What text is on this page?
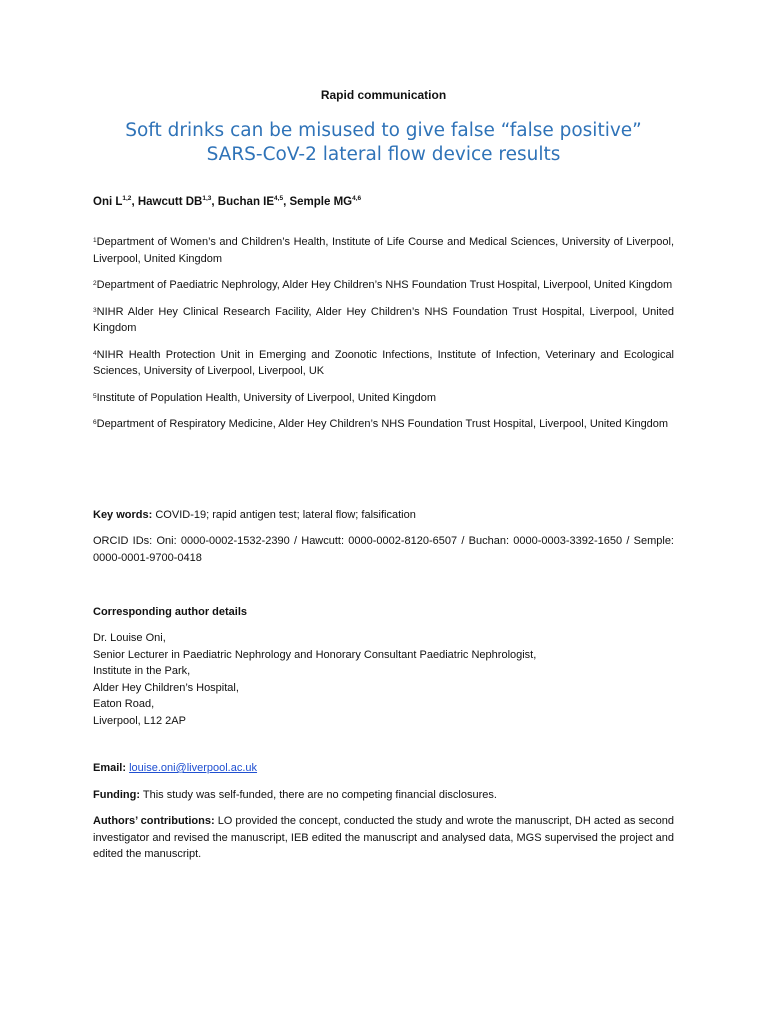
Rapid communication
Soft drinks can be misused to give false “false positive”
SARS-CoV-2 lateral flow device results
Oni L$^{1,2}$, Hawcutt DB$^{1,3}$, Buchan IE$^{4,5}$, Semple MG$^{4,6}$

$^1$Department of Women’s and Children’s Health, Institute of Life Course and Medical Sciences, University of Liverpool, Liverpool, United Kingdom

$^2$Department of Paediatric Nephrology, Alder Hey Children’s NHS Foundation Trust Hospital, Liverpool, United Kingdom

$^3$NIHR Alder Hey Clinical Research Facility, Alder Hey Children’s NHS Foundation Trust Hospital, Liverpool, United Kingdom

$^4$NIHR Health Protection Unit in Emerging and Zoonotic Infections, Institute of Infection, Veterinary and Ecological Sciences, University of Liverpool, Liverpool, UK

$^5$Institute of Population Health, University of Liverpool, United Kingdom

$^6$Department of Respiratory Medicine, Alder Hey Children’s NHS Foundation Trust Hospital, Liverpool, United Kingdom

Key words: COVID-19; rapid antigen test; lateral flow; falsification
ORCID IDs: Oni: 0000-0002-1532-2390 / Hawcutt: 0000-0002-8120-6507 / Buchan: 0000-0003-3392-1650 / Semple: 0000-0001-9700-0418
Corresponding author details
Dr. Louise Oni,
Senior Lecturer in Paediatric Nephrology and Honorary Consultant Paediatric Nephrologist,
Institute in the Park,
Alder Hey Children’s Hospital,
Eaton Road,
Liverpool, L12 2AP
Email: louise.oni@liverpool.ac.uk
Funding: This study was self-funded, there are no competing financial disclosures.
Authors’ contributions: LO provided the concept, conducted the study and wrote the manuscript, DH acted as second investigator and revised the manuscript, IEB edited the manuscript and analysed data, MGS supervised the project and edited the manuscript.
